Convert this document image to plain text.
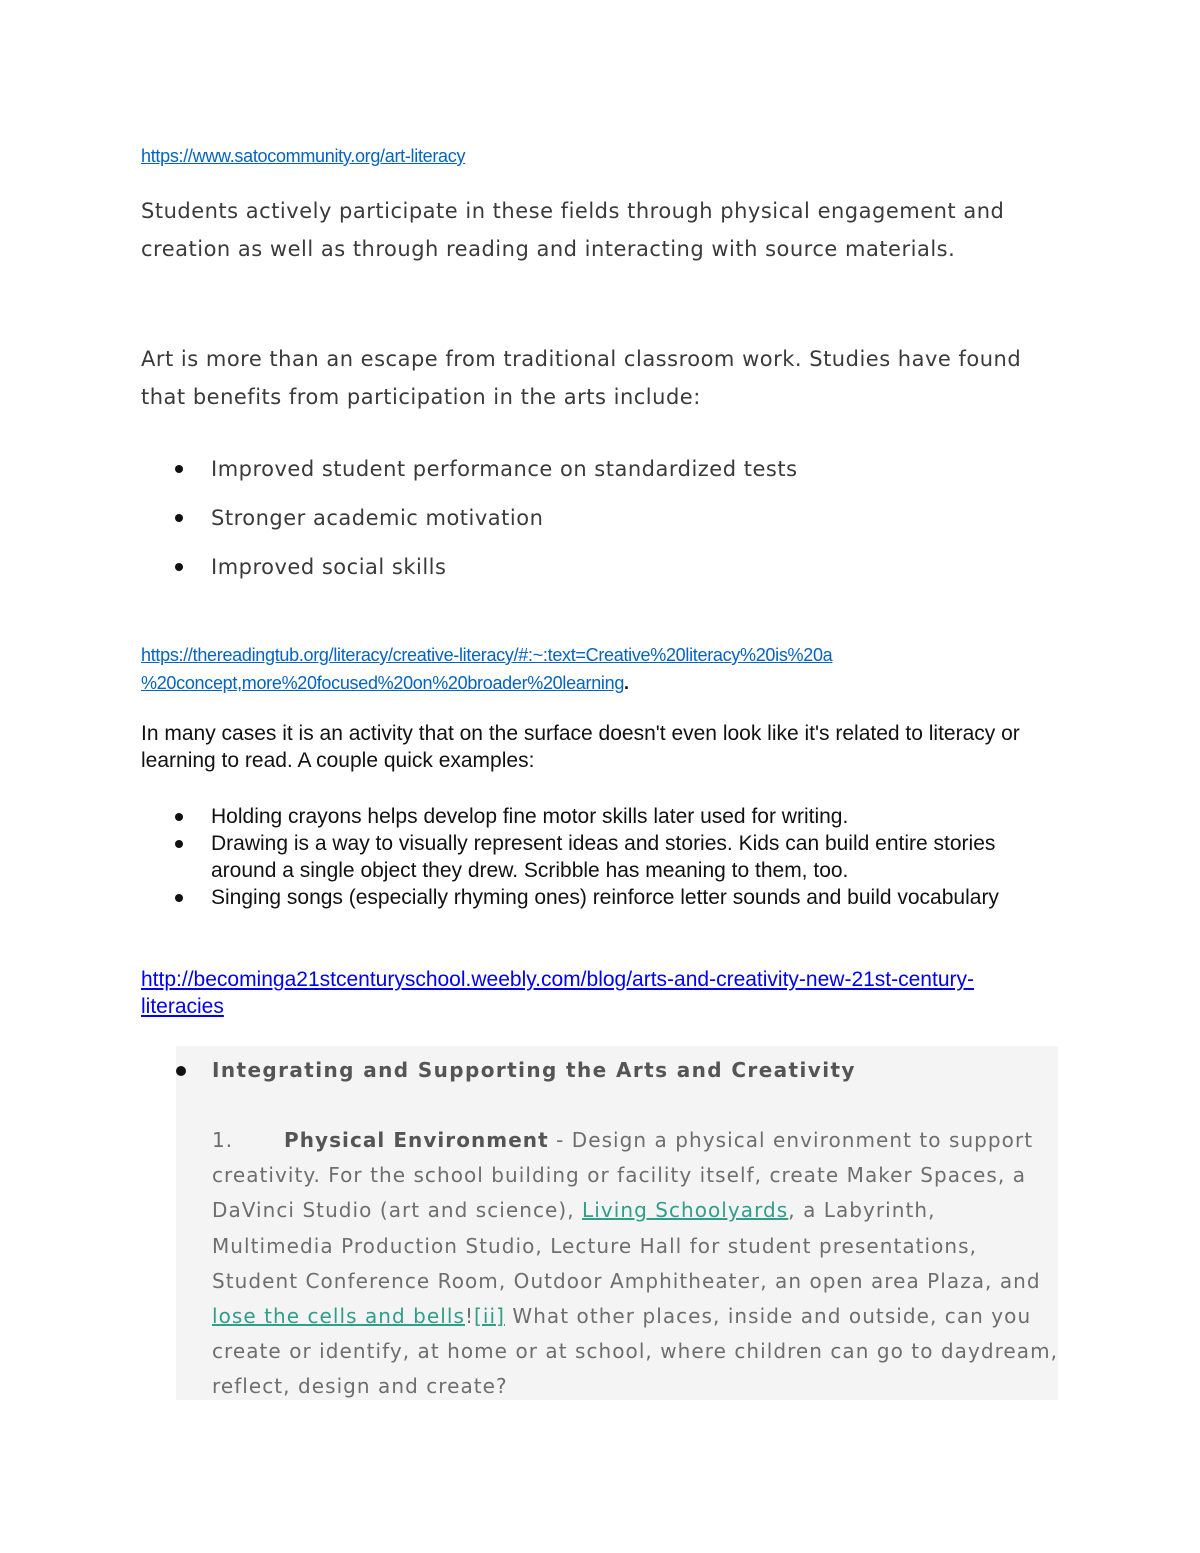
https://www.satocommunity.org/art-literacy
Students actively participate in these fields through physical engagement and creation as well as through reading and interacting with source materials.
Art is more than an escape from traditional classroom work. Studies have found that benefits from participation in the arts include:
Improved student performance on standardized tests
Stronger academic motivation
Improved social skills
https://thereadingtub.org/literacy/creative-literacy/#:~:text=Creative%20literacy%20is%20a
%20concept,more%20focused%20on%20broader%20learning.
In many cases it is an activity that on the surface doesn't even look like it's related to literacy or learning to read. A couple quick examples:
Holding crayons helps develop fine motor skills later used for writing.
Drawing is a way to visually represent ideas and stories. Kids can build entire stories around a single object they drew. Scribble has meaning to them, too.
Singing songs (especially rhyming ones) reinforce letter sounds and build vocabulary
http://becominga21stcenturyschool.weebly.com/blog/arts-and-creativity-new-21st-century-literacies
Integrating and Supporting the Arts and Creativity
1.	Physical Environment - Design a physical environment to support creativity. For the school building or facility itself, create Maker Spaces, a DaVinci Studio (art and science), Living Schoolyards, a Labyrinth, Multimedia Production Studio, Lecture Hall for student presentations, Student Conference Room, Outdoor Amphitheater, an open area Plaza, and lose the cells and bells![ii] What other places, inside and outside, can you create or identify, at home or at school, where children can go to daydream, reflect, design and create?
